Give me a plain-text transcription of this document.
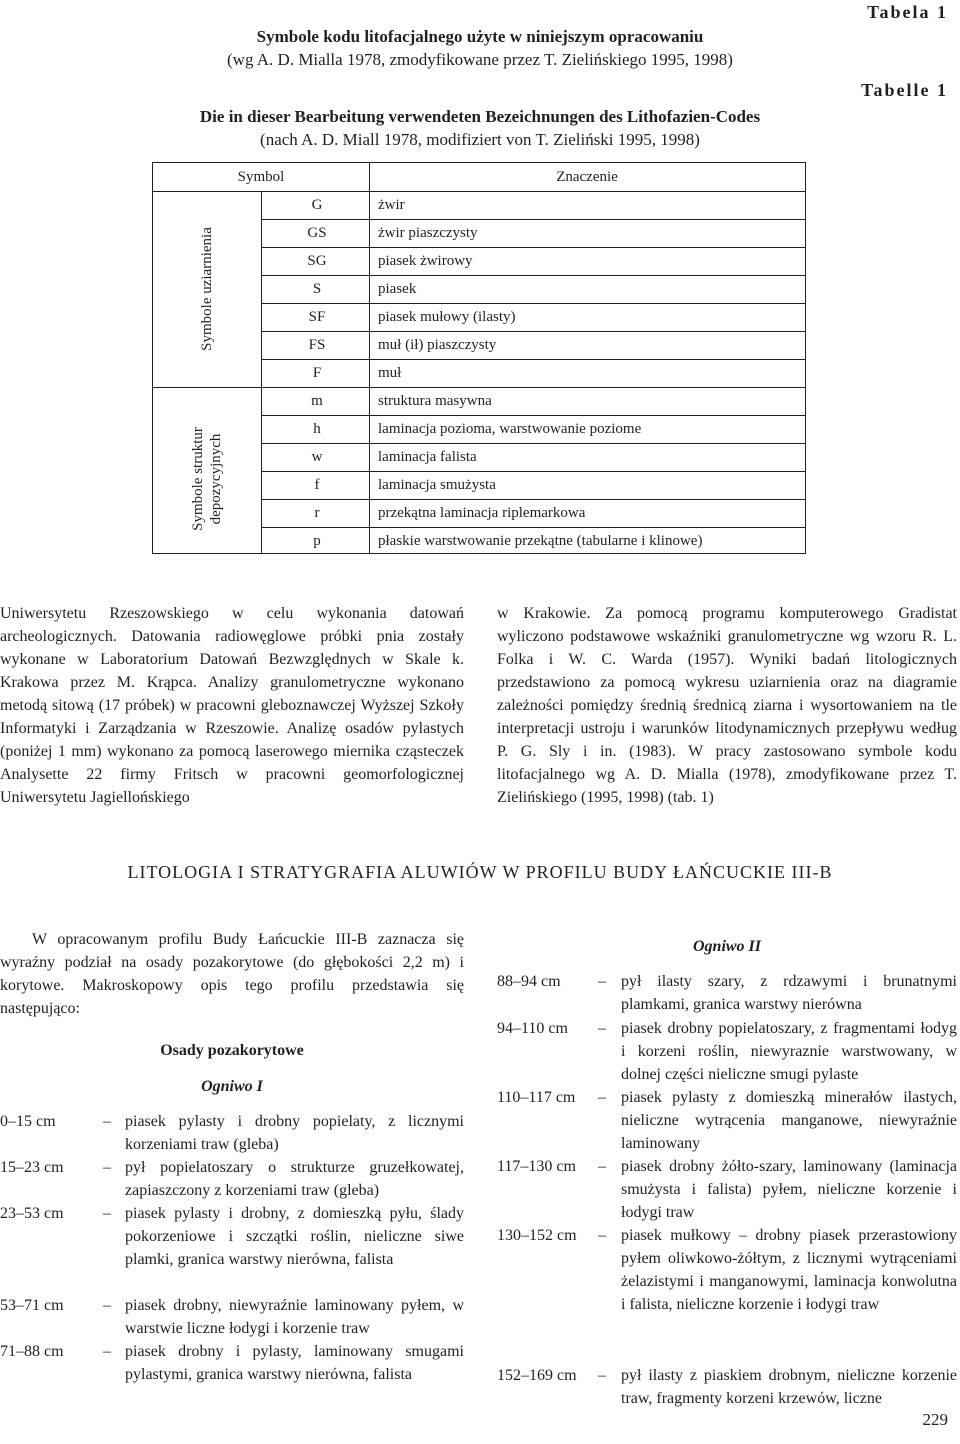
Tabela 1
Symbole kodu litofacjalnego użyte w niniejszym opracowaniu
(wg A. D. Mialla 1978, zmodyfikowane przez T. Zielińskiego 1995, 1998)
Tabelle 1
Die in dieser Bearbeitung verwendeten Bezeichnungen des Lithofazien-Codes
(nach A. D. Miall 1978, modifiziert von T. Zieliński 1995, 1998)
Symbol	Znaczenie
Symbole uziarnienia
Symbole struktur depozycyjnych
G	żwir
GS	żwir piaszczysty
SG	piasek żwirowy
S	piasek
SF	piasek mułowy (ilasty)
FS	muł (ił) piaszczysty
F	muł
m	struktura masywna
h	laminacja pozioma, warstwowanie poziome
w	laminacja falista
f	laminacja smużysta
r	przekątna laminacja riplemarkowa
p	płaskie warstwowanie przekątne (tabularne i klinowe)

Uniwersytetu Rzeszowskiego w celu wykonania datowań archeologicznych. Datowania radiowęglowe próbki pnia zostały wykonane w Laboratorium Datowań Bezwzględnych w Skale k. Krakowa przez M. Krąpca. Analizy granulometryczne wykonano metodą sitową (17 próbek) w pracowni gleboznawczej Wyższej Szkoły Informatyki i Zarządzania w Rzeszowie. Analizę osadów pylastych (poniżej 1 mm) wykonano za pomocą laserowego miernika cząsteczek Analysette 22 firmy Fritsch w pracowni geomorfologicznej Uniwersytetu Jagiellońskiego

w Krakowie. Za pomocą programu komputerowego Gradistat wyliczono podstawowe wskaźniki granulometryczne wg wzoru R. L. Folka i W. C. Warda (1957). Wyniki badań litologicznych przedstawiono za pomocą wykresu uziarnienia oraz na diagramie zależności pomiędzy średnią średnicą ziarna i wysortowaniem na tle interpretacji ustroju i warunków litodynamicznych przepływu według P. G. Sly i in. (1983). W pracy zastosowano symbole kodu litofacjalnego wg A. D. Mialla (1978), zmodyfikowane przez T. Zielińskiego (1995, 1998) (tab. 1)

LITOLOGIA I STRATYGRAFIA ALUWIÓW W PROFILU BUDY ŁAŃCUCKIE III-B

W opracowanym profilu Budy Łańcuckie III-B zaznacza się wyraźny podział na osady pozakorytowe (do głębokości 2,2 m) i korytowe. Makroskopowy opis tego profilu przedstawia się następująco:

Osady pozakorytowe
Ogniwo I
0–15 cm	– piasek pylasty i drobny popielaty, z licznymi korzeniami traw (gleba)
15–23 cm – pył popielatoszary o strukturze gruzełkowatej, zapiaszczony z korzeniami traw (gleba)
23–53 cm – piasek pylasty i drobny, z domieszką pyłu, ślady pokorzeniowe i szczątki roślin, nieliczne siwe plamki, granica warstwy nierówna, falista
53–71 cm – piasek drobny, niewyraźnie laminowany pyłem, w warstwie liczne łodygi i korzenie traw
71–88 cm – piasek drobny i pylasty, laminowany smugami pylastymi, granica warstwy nierówna, falista
Ogniwo II
88–94 cm – pył ilasty szary, z rdzawymi i brunatnymi plamkami, granica warstwy nierówna
94–110 cm – piasek drobny popielatoszary, z fragmentami łodyg i korzeni roślin, niewyraznie warstwowany, w dolnej części nieliczne smugi pylaste
110–117 cm – piasek pylasty z domieszką minerałów ilastych, nieliczne wytrącenia manganowe, niewyraźnie laminowany
117–130 cm – piasek drobny żółto-szary, laminowany (laminacja smużysta i falista) pyłem, nieliczne korzenie i łodygi traw
130–152 cm – piasek mułkowy – drobny piasek przerastowiony pyłem oliwkowo-żółtym, z licznymi wytrąceniami żelazistymi i manganowymi, laminacja konwolutna i falista, nieliczne korzenie i łodygi traw
152–169 cm – pył ilasty z piaskiem drobnym, nieliczne korzenie traw, fragmenty korzeni krzewów, liczne
229
